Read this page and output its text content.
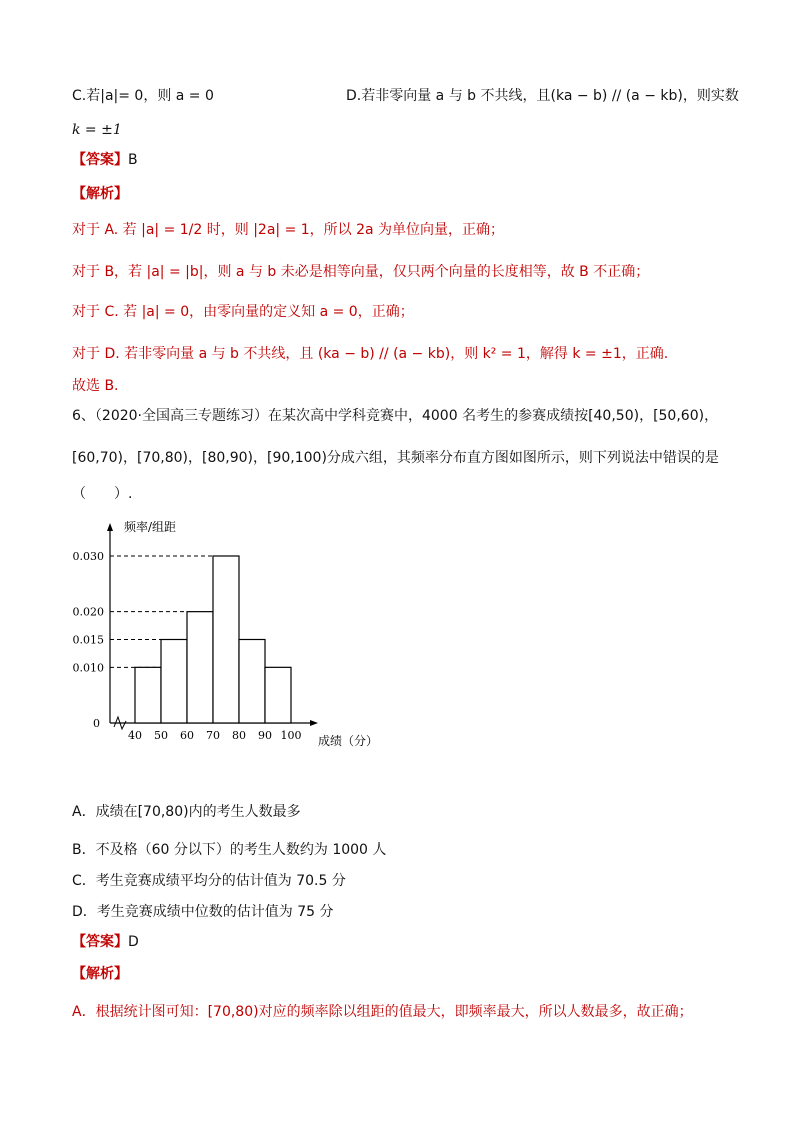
C.若|a|= 0，则 a = 0	D.若非零向量 a 与 b 不共线，且(ka − b) // (a − kb)，则实数
k = ±1
【答案】B
【解析】
对于 A. 若 |a| = 1/2 时，则 |2a| = 1，所以 2a 为单位向量，正确；
对于 B，若 |a| = |b|，则 a 与 b 未必是相等向量，仅只两个向量的长度相等，故 B 不正确；
对于 C. 若 |a| = 0，由零向量的定义知 a = 0，正确；
对于 D. 若非零向量 a 与 b 不共线，且 (ka − b) // (a − kb)，则 k² = 1，解得 k = ±1，正确.
故选 B.
6、（2020·全国高三专题练习）在某次高中学科竞赛中，4000 名考生的参赛成绩按[40,50)，[50,60)，
[60,70)，[70,80)，[80,90)，[90,100)分成六组，其频率分布直方图如图所示，则下列说法中错误的是
（　　）.
0.030
0.020
0.015
0.010
40 50 60 70 80 90 100
0
频率/组距
成绩（分）
A．成绩在[70,80)内的考生人数最多
B．不及格（60 分以下）的考生人数约为 1000 人
C．考生竞赛成绩平均分的估计值为 70.5 分
D．考生竞赛成绩中位数的估计值为 75 分
【答案】D
【解析】
A．根据统计图可知：[70,80)对应的频率除以组距的值最大，即频率最大，所以人数最多，故正确；
